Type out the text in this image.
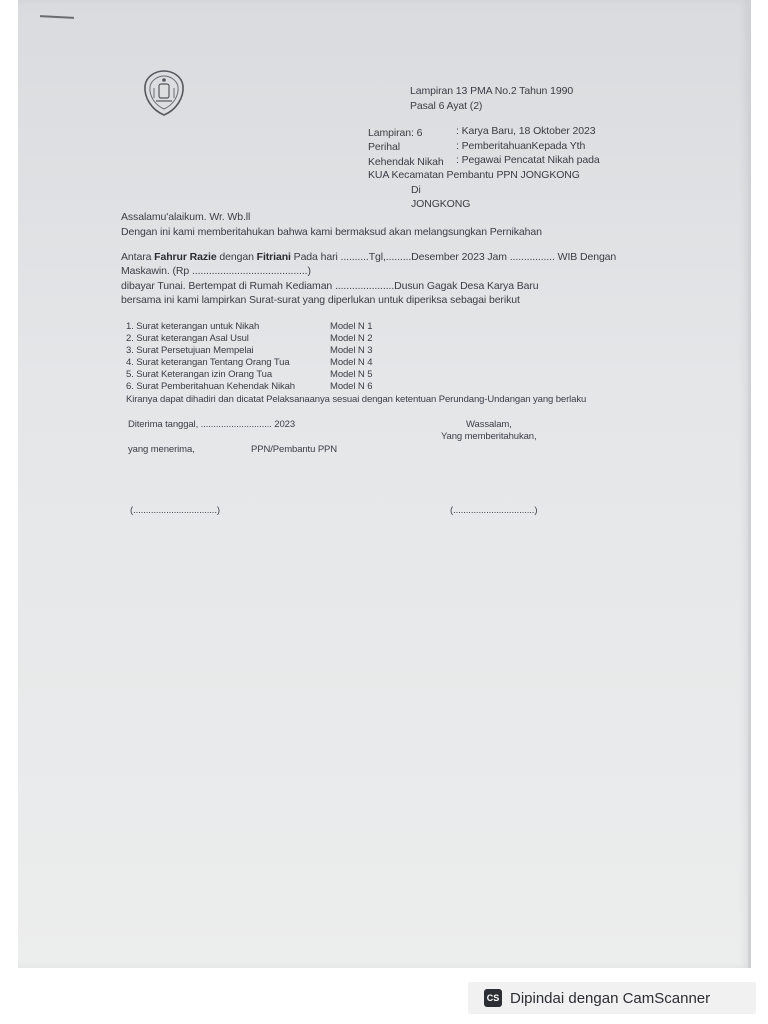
Lampiran 13 PMA No.2 Tahun 1990
Pasal 6 Ayat (2)
Lampiran: 6	: Karya Baru, 18 Oktober 2023
Perihal	: PemberitahuanKepada Yth
Kehendak Nikah : Pegawai Pencatat Nikah pada
KUA Kecamatan Pembantu PPN JONGKONG
Di
JONGKONG
Assalamu'alaikum. Wr. Wb.ll
Dengan ini kami memberitahukan bahwa kami bermaksud akan melangsungkan Pernikahan
Antara Fahrur Razie dengan Fitriani Pada hari ..........Tgl,.........Desember 2023 Jam ................ WIB Dengan
Maskawin. (Rp .........................................)
dibayar Tunai. Bertempat di Rumah Kediaman .....................Dusun Gagak Desa Karya Baru
bersama ini kami lampirkan Surat-surat yang diperlukan untuk diperiksa sebagai berikut
1. Surat keterangan untuk Nikah	Model N 1
2. Surat keterangan Asal Usul	Model N 2
3. Surat Persetujuan Mempelai	Model N 3
4. Surat keterangan Tentang Orang Tua	Model N 4
5. Surat Keterangan izin Orang Tua	Model N 5
6. Surat Pemberitahuan Kehendak Nikah	Model N 6
Kiranya dapat dihadiri dan dicatat Pelaksanaanya sesuai dengan ketentuan Perundang-Undangan yang berlaku
Diterima tanggal, ............................ 2023	Wassalam,
Yang memberitahukan,
yang menerima,	PPN/Pembantu PPN
(.................................)	(................................)
CS Dipindai dengan CamScanner
